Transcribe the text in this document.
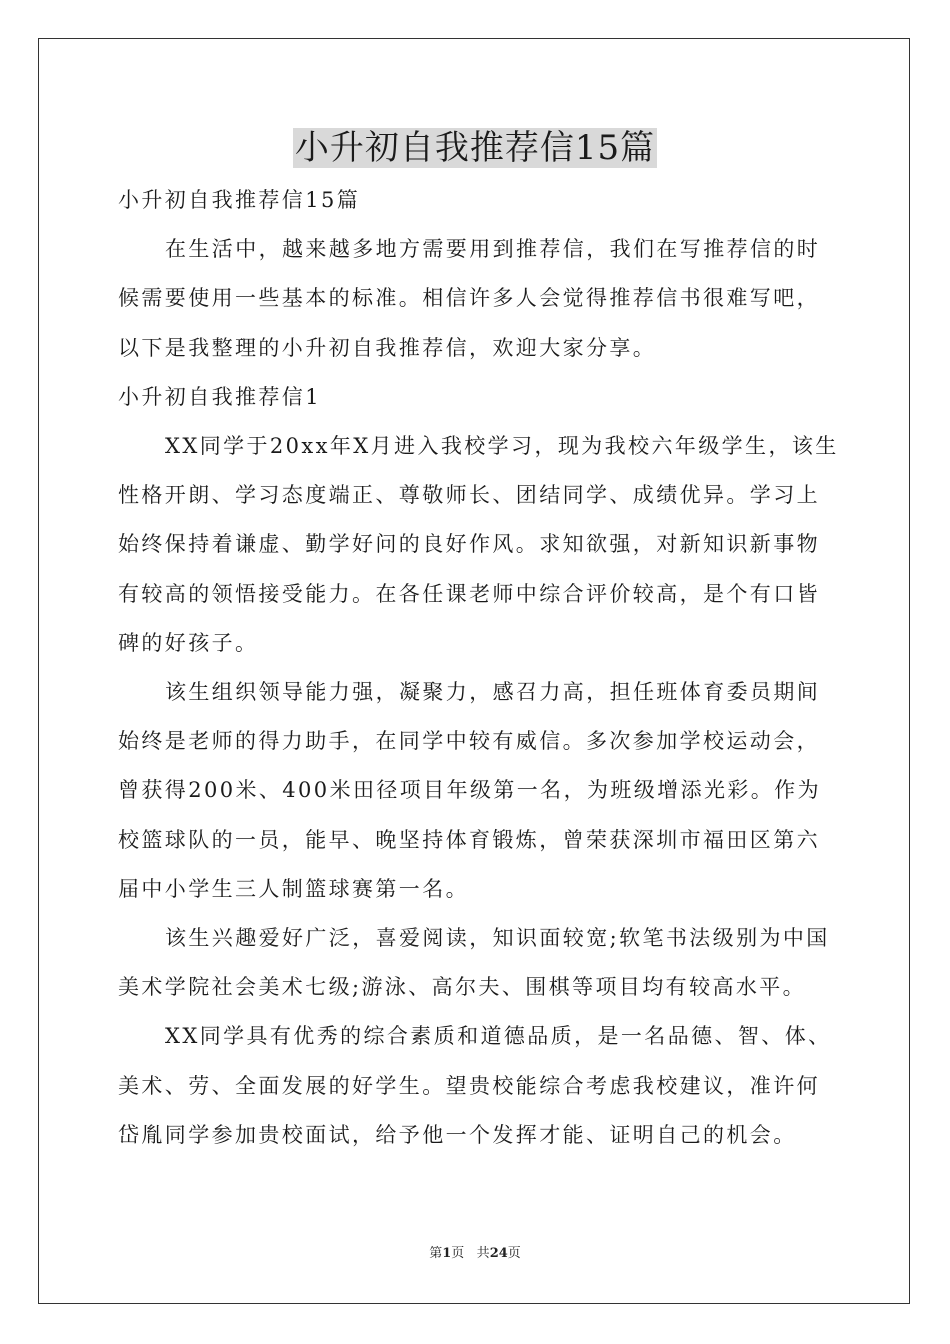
小升初自我推荐信15篇

小升初自我推荐信15篇

在生活中，越来越多地方需要用到推荐信，我们在写推荐信的时候需要使用一些基本的标准。相信许多人会觉得推荐信书很难写吧，以下是我整理的小升初自我推荐信，欢迎大家分享。

小升初自我推荐信1

XX同学于20xx年X月进入我校学习，现为我校六年级学生，该生性格开朗、学习态度端正、尊敬师长、团结同学、成绩优异。学习上始终保持着谦虚、勤学好问的良好作风。求知欲强，对新知识新事物有较高的领悟接受能力。在各任课老师中综合评价较高，是个有口皆碑的好孩子。

该生组织领导能力强，凝聚力，感召力高，担任班体育委员期间始终是老师的得力助手，在同学中较有威信。多次参加学校运动会，曾获得200米、400米田径项目年级第一名，为班级增添光彩。作为校篮球队的一员，能早、晚坚持体育锻炼，曾荣获深圳市福田区第六届中小学生三人制篮球赛第一名。

该生兴趣爱好广泛，喜爱阅读，知识面较宽;软笔书法级别为中国美术学院社会美术七级;游泳、高尔夫、围棋等项目均有较高水平。

XX同学具有优秀的综合素质和道德品质，是一名品德、智、体、美术、劳、全面发展的好学生。望贵校能综合考虑我校建议，准许何岱胤同学参加贵校面试，给予他一个发挥才能、证明自己的机会。

第1页 共24页
